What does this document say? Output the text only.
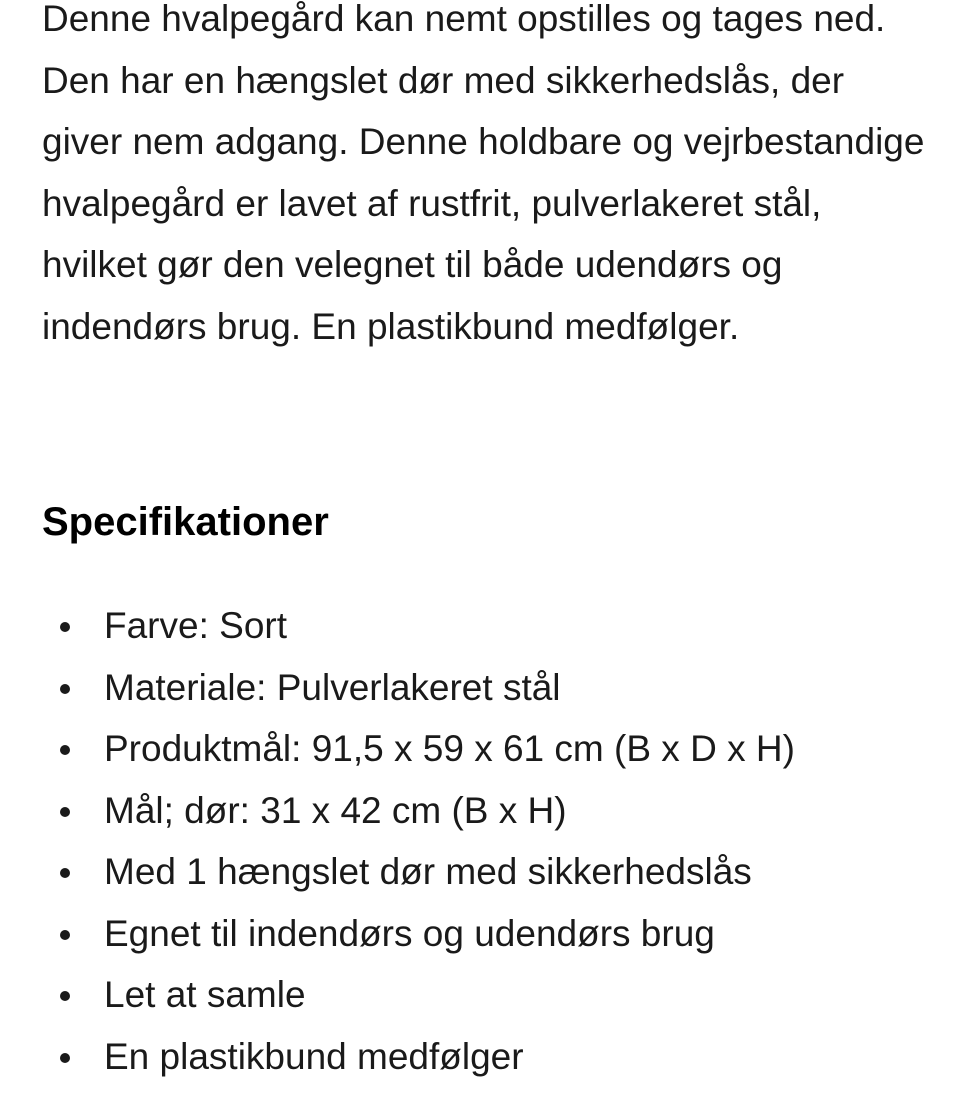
Denne hvalpegård kan nemt opstilles og tages ned. Den har en hængslet dør med sikkerhedslås, der giver nem adgang. Denne holdbare og vejrbestandige hvalpegård er lavet af rustfrit, pulverlakeret stål, hvilket gør den velegnet til både udendørs og indendørs brug. En plastikbund medfølger.

Specifikationer
Farve: Sort
Materiale: Pulverlakeret stål
Produktmål: 91,5 x 59 x 61 cm (B x D x H)
Mål; dør: 31 x 42 cm (B x H)
Med 1 hængslet dør med sikkerhedslås
Egnet til indendørs og udendørs brug
Let at samle
En plastikbund medfølger
